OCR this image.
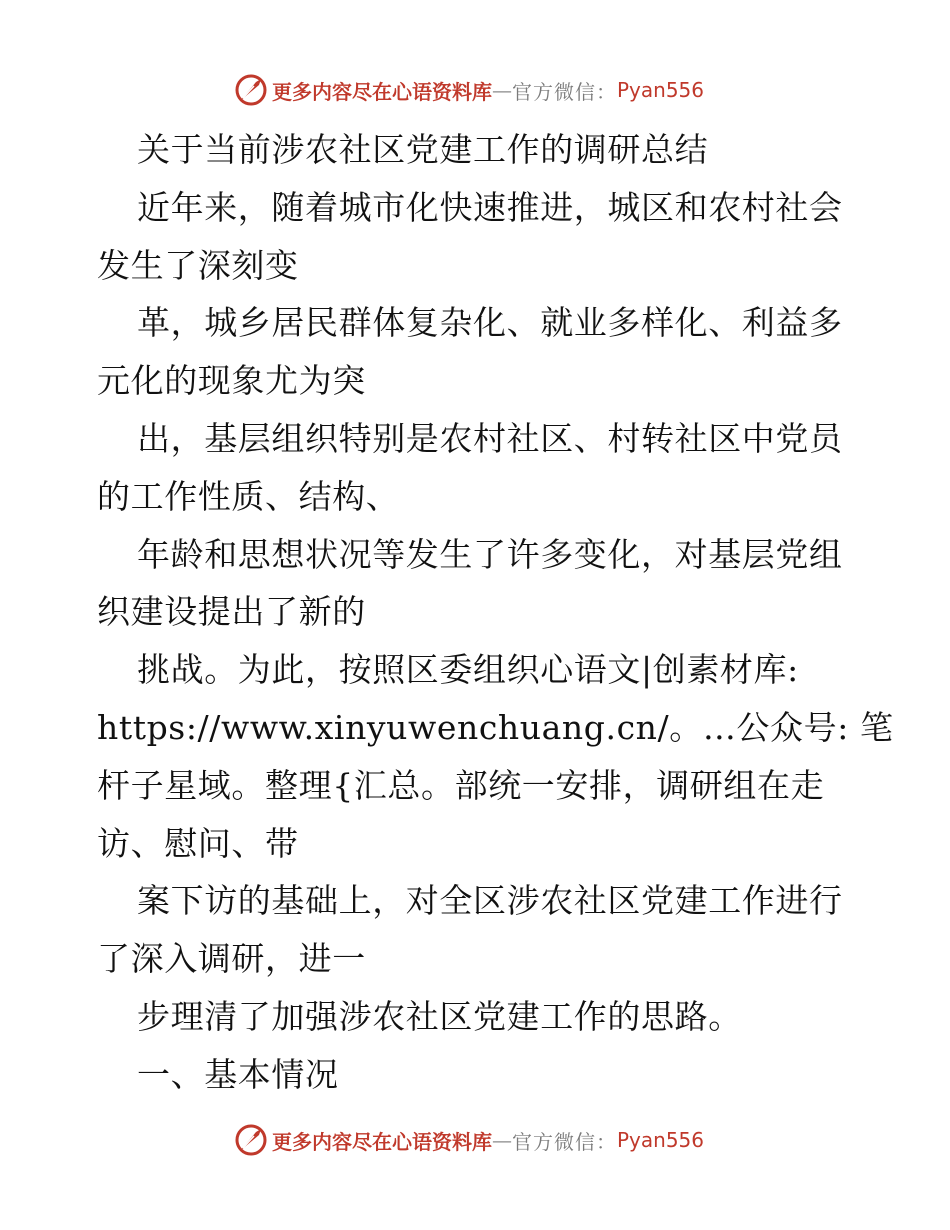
更多内容尽在心语资料库 — 官方微信： Pyan556
关于当前涉农社区党建工作的调研总结
近年来，随着城市化快速推进，城区和农村社会
发生了深刻变
革，城乡居民群体复杂化、就业多样化、利益多
元化的现象尤为突
出，基层组织特别是农村社区、村转社区中党员
的工作性质、结构、
年龄和思想状况等发生了许多变化，对基层党组
织建设提出了新的
挑战。为此，按照区委组织心语文|创素材库:
https://www.xinyuwenchuang.cn/。…公众号: 笔
杆子星域。整理{汇总。部统一安排，调研组在走
访、慰问、带
案下访的基础上，对全区涉农社区党建工作进行
了深入调研，进一
步理清了加强涉农社区党建工作的思路。
一、基本情况
更多内容尽在心语资料库 — 官方微信： Pyan556
